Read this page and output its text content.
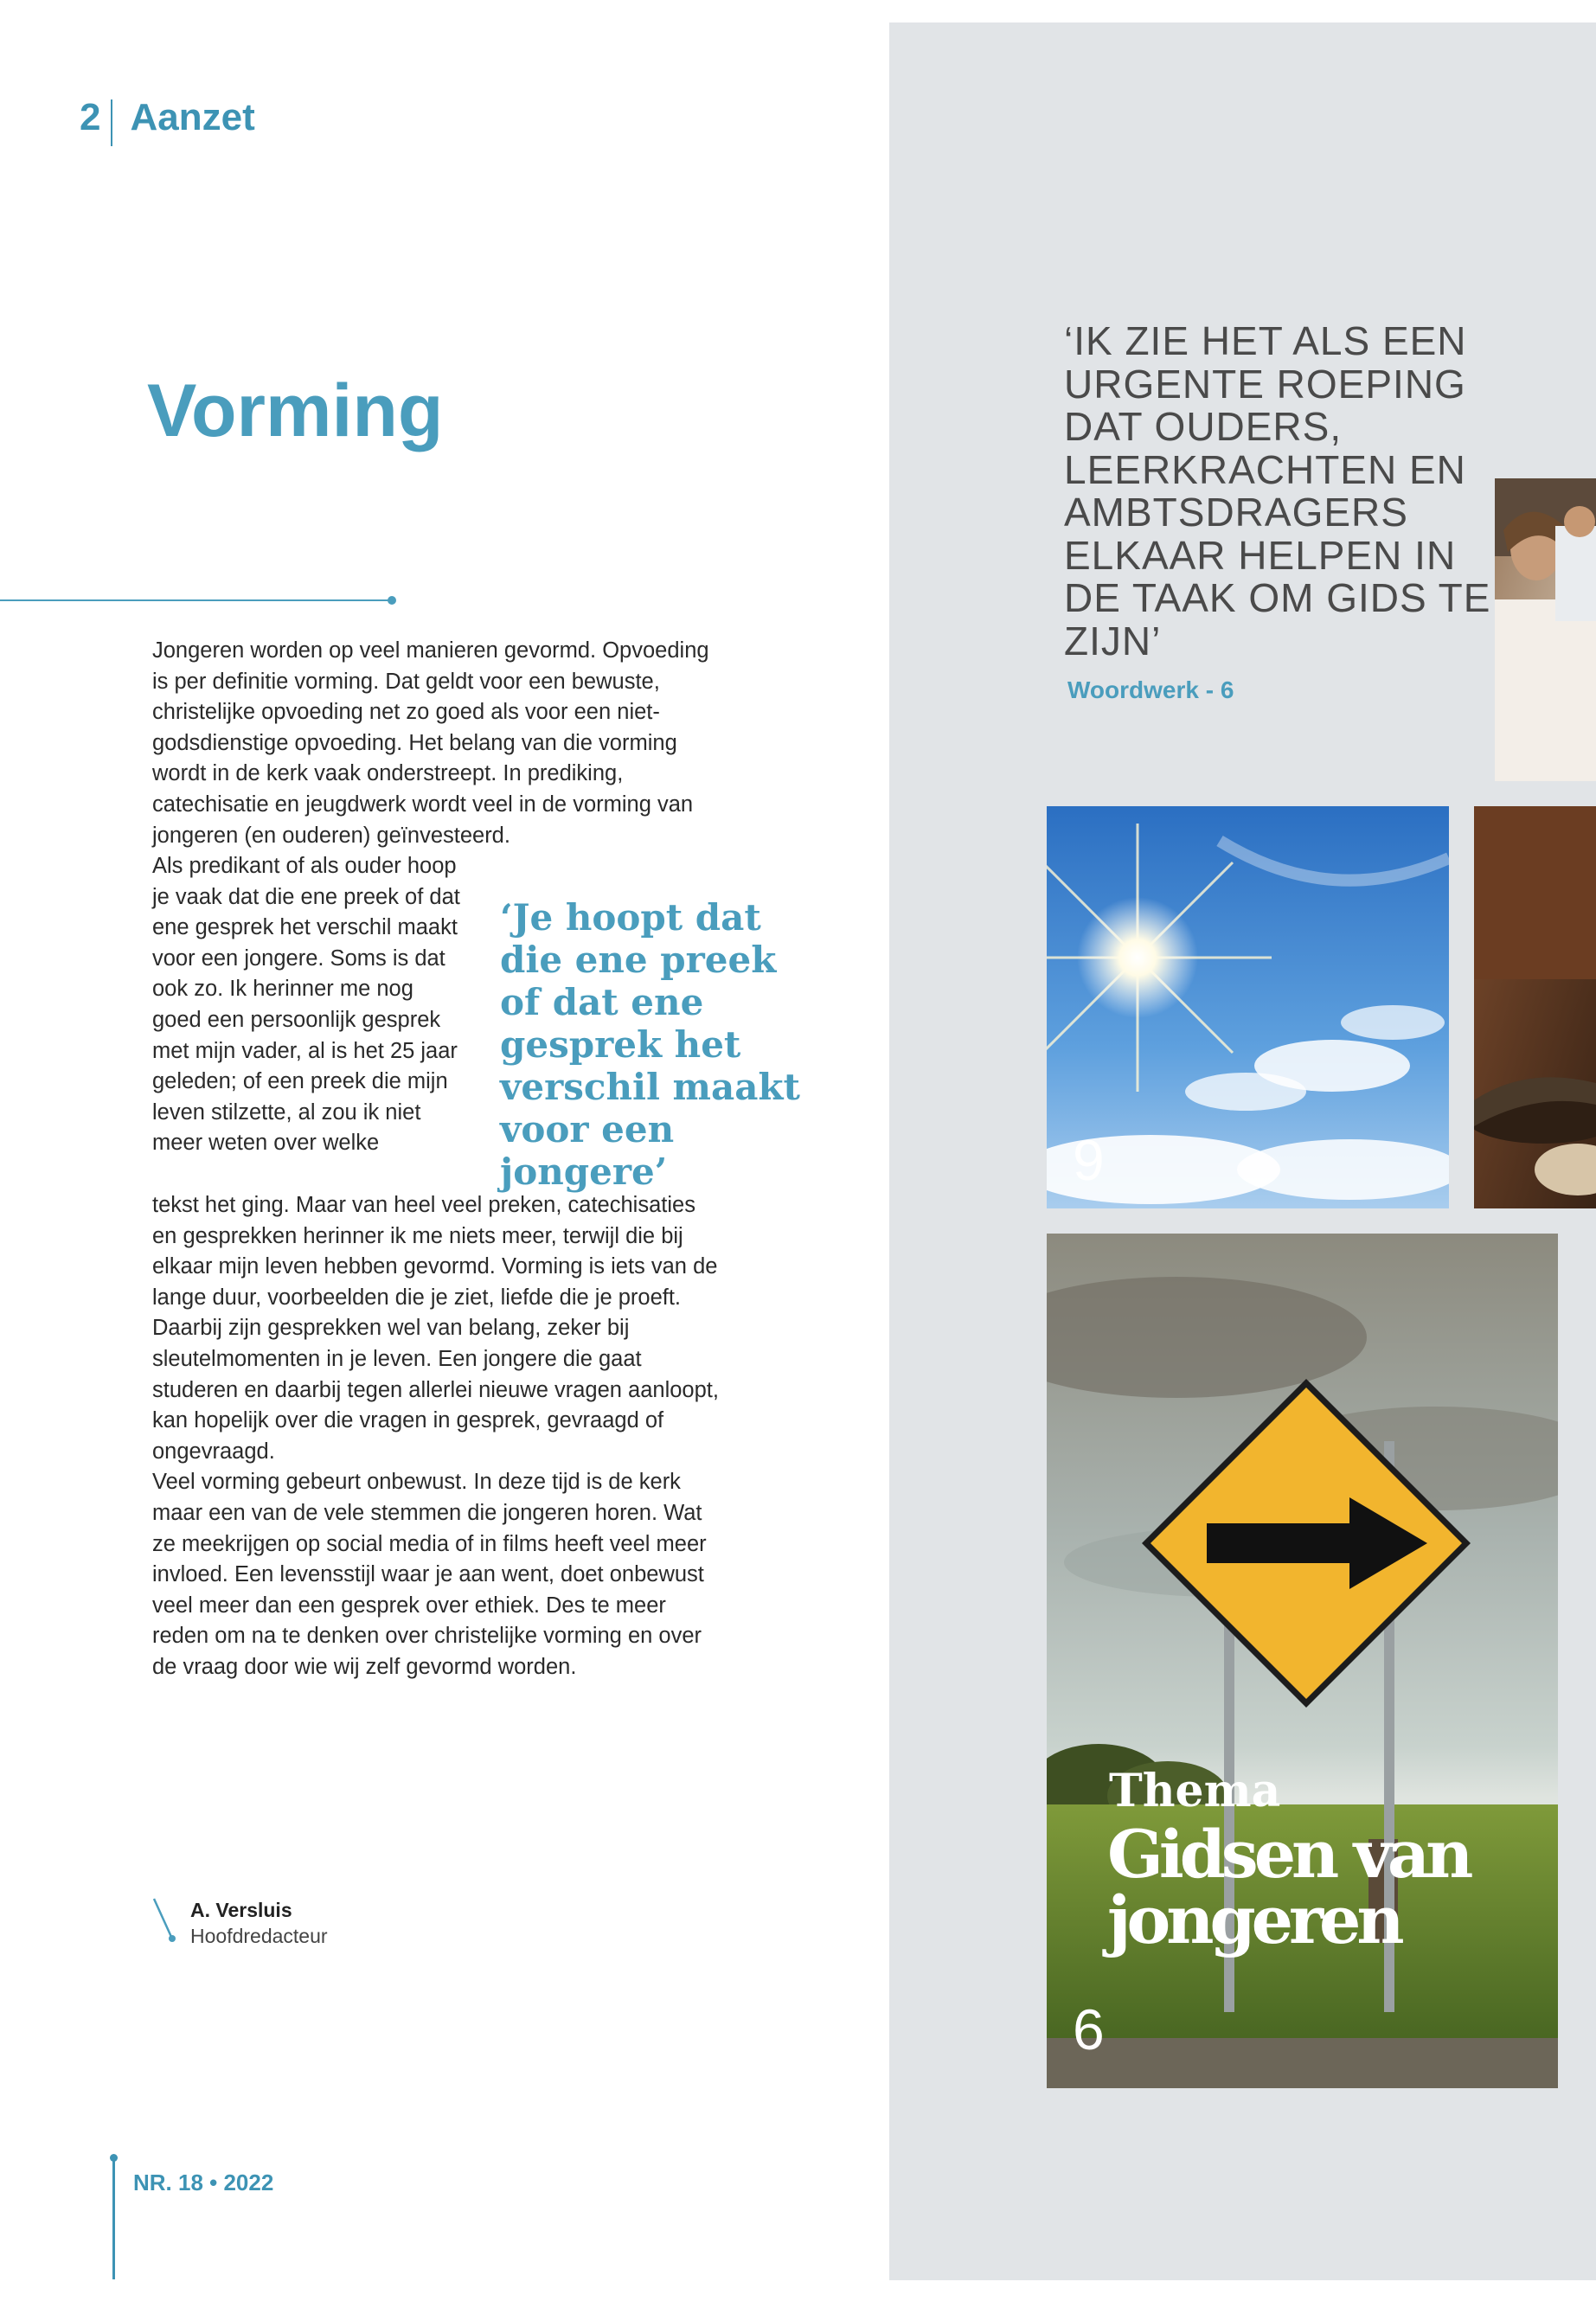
2 Aanzet
Vorming

Jongeren worden op veel manieren gevormd. Opvoeding is per definitie vorming. Dat geldt voor een bewuste, christelijke opvoeding net zo goed als voor een niet-godsdienstige opvoeding. Het belang van die vorming wordt in de kerk vaak onderstreept. In prediking, catechisatie en jeugdwerk wordt veel in de vorming van jongeren (en ouderen) geïnvesteerd.

Als predikant of als ouder hoop je vaak dat die ene preek of dat ene gesprek het verschil maakt voor een jongere. Soms is dat ook zo. Ik herinner me nog goed een persoonlijk gesprek met mijn vader, al is het 25 jaar geleden; of een preek die mijn leven stilzette, al zou ik niet meer weten over welke

tekst het ging. Maar van heel veel preken, catechisaties en gesprekken herinner ik me niets meer, terwijl die bij elkaar mijn leven hebben gevormd. Vorming is iets van de lange duur, voorbeelden die je ziet, liefde die je proeft. Daarbij zijn gesprekken wel van belang, zeker bij sleutelmomenten in je leven. Een jongere die gaat studeren en daarbij tegen allerlei nieuwe vragen aanloopt, kan hopelijk over die vragen in gesprek, gevraagd of ongevraagd.

Veel vorming gebeurt onbewust. In deze tijd is de kerk maar een van de vele stemmen die jongeren horen. Wat ze meekrijgen op social media of in films heeft veel meer invloed. Een levensstijl waar je aan went, doet onbewust veel meer dan een gesprek over ethiek. Des te meer reden om na te denken over christelijke vorming en over de vraag door wie wij zelf gevormd worden.

‘Je hoopt dat die ene preek of dat ene gesprek het verschil maakt voor een jongere’
A. Versluis
Hoofdredacteur
NR. 18 • 2022
‘IK ZIE HET ALS EEN URGENTE ROEPING DAT OUDERS, LEERKRACHTEN EN AMBTSDRAGERS ELKAAR HELPEN IN DE TAAK OM GIDS TE ZIJN’
Woordwerk - 6
9
Thema
Gidsen van jongeren
6
